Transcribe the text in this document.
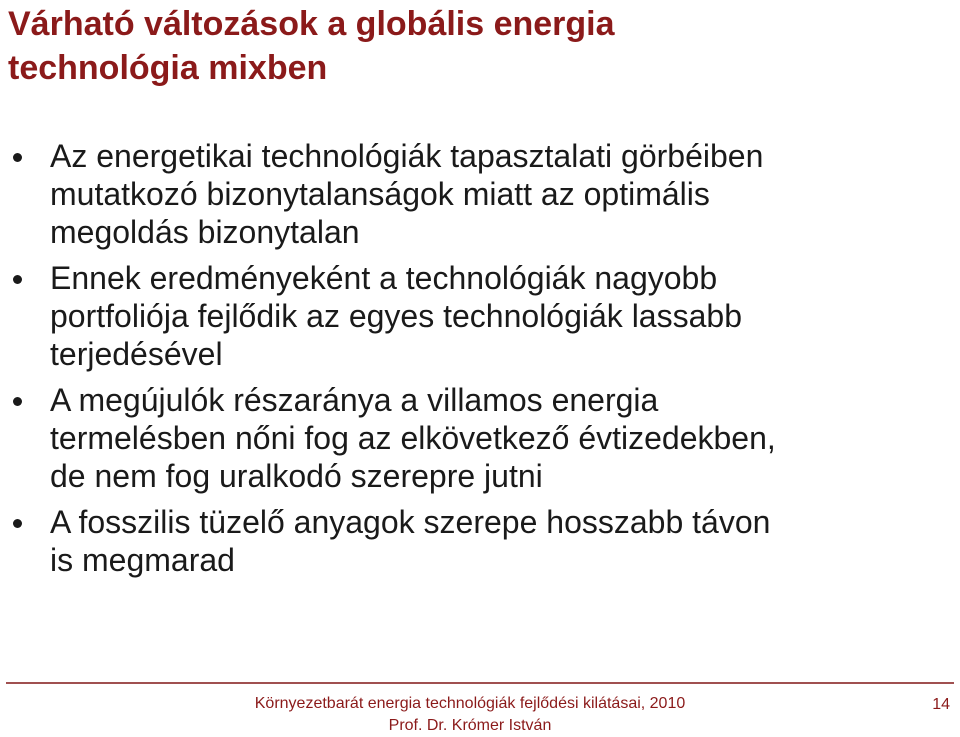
Várható változások a globális energia
technológia mixben
Az energetikai technológiák tapasztalati görbéiben
mutatkozó bizonytalanságok miatt az optimális
megoldás bizonytalan
Ennek eredményeként a technológiák nagyobb
portfoliója fejlődik az egyes technológiák lassabb
terjedésével
A megújulók részaránya a villamos energia
termelésben nőni fog az elkövetkező évtizedekben,
de nem fog uralkodó szerepre jutni
A fosszilis tüzelő anyagok szerepe hosszabb távon
is megmarad
Környezetbarát energia technológiák fejlődési kilátásai, 2010
Prof. Dr. Krómer István
14
